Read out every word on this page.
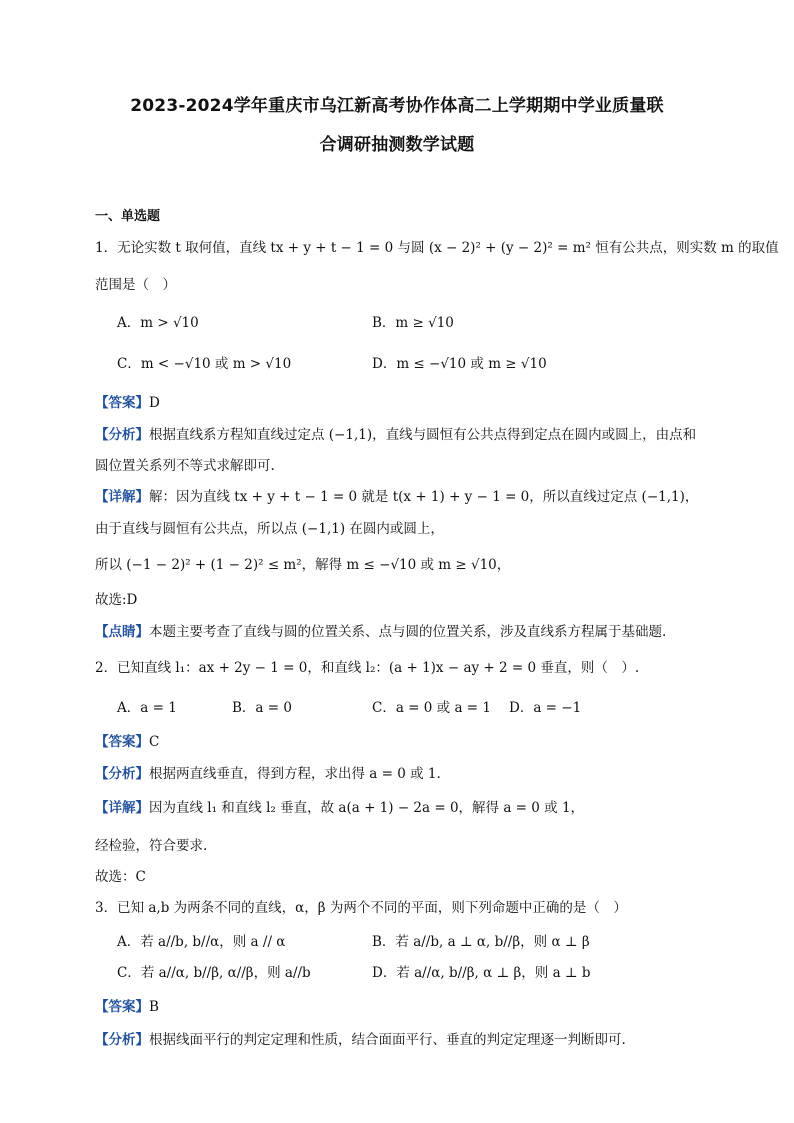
2023-2024学年重庆市乌江新高考协作体高二上学期期中学业质量联
合调研抽测数学试题
一、单选题
1．无论实数 t 取何值，直线 tx + y + t − 1 = 0 与圆 (x − 2)² + (y − 2)² = m² 恒有公共点，则实数 m 的取值
范围是（　）
A．m > √10	B．m ≥ √10
C．m < −√10 或 m > √10	D．m ≤ −√10 或 m ≥ √10
【答案】D
【分析】根据直线系方程知直线过定点 (−1,1)，直线与圆恒有公共点得到定点在圆内或圆上，由点和
圆位置关系列不等式求解即可.
【详解】解：因为直线 tx + y + t − 1 = 0 就是 t(x + 1) + y − 1 = 0，所以直线过定点 (−1,1)，
由于直线与圆恒有公共点，所以点 (−1,1) 在圆内或圆上，
所以 (−1 − 2)² + (1 − 2)² ≤ m²，解得 m ≤ −√10 或 m ≥ √10，
故选:D
【点睛】本题主要考查了直线与圆的位置关系、点与圆的位置关系，涉及直线系方程属于基础题.
2．已知直线 l₁：ax + 2y − 1 = 0，和直线 l₂：(a + 1)x − ay + 2 = 0 垂直，则（　）.
A．a = 1	B．a = 0	C．a = 0 或 a = 1 D．a = −1
【答案】C
【分析】根据两直线垂直，得到方程，求出得 a = 0 或 1.
【详解】因为直线 l₁ 和直线 l₂ 垂直，故 a(a + 1) − 2a = 0，解得 a = 0 或 1，
经检验，符合要求.
故选：C
3．已知 a,b 为两条不同的直线，α，β 为两个不同的平面，则下列命题中正确的是（　）
A．若 a//b, b//α，则 a // α	B．若 a//b, a ⊥ α, b//β，则 α ⊥ β
C．若 a//α, b//β, α//β，则 a//b	D．若 a//α, b//β, α ⊥ β，则 a ⊥ b
【答案】B
【分析】根据线面平行的判定定理和性质，结合面面平行、垂直的判定定理逐一判断即可.
